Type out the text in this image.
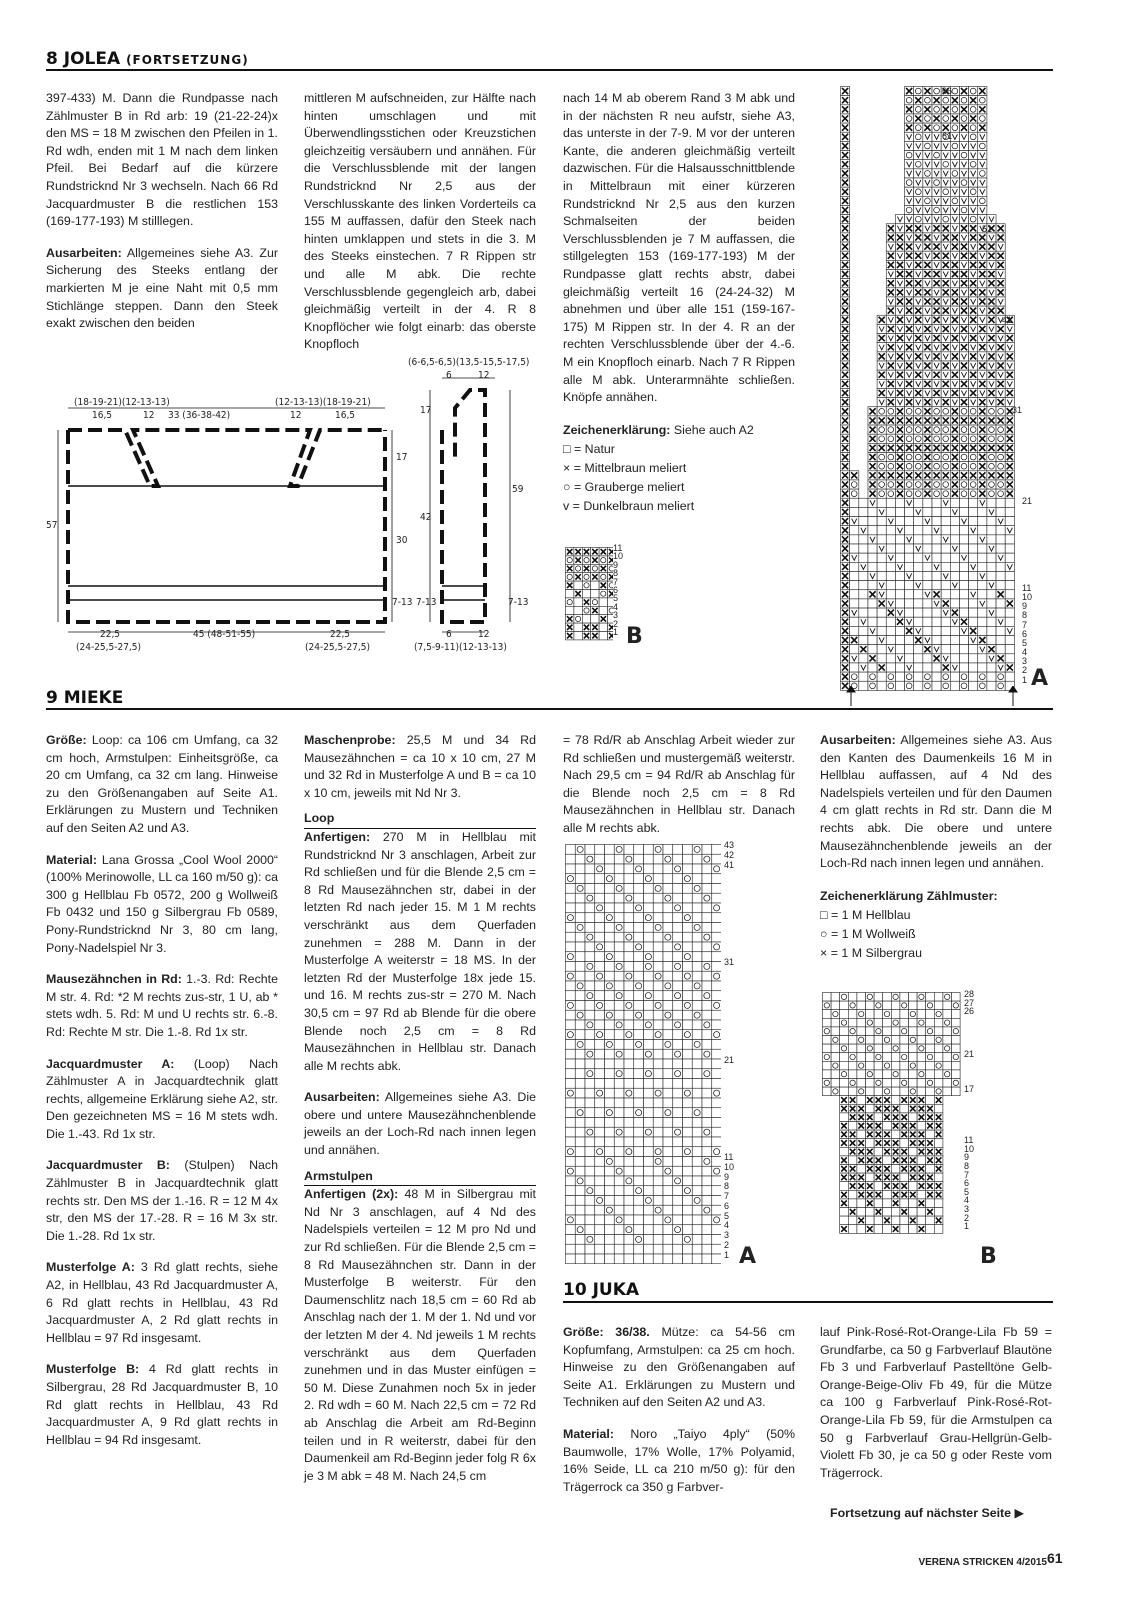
8 JOLEA (FORTSETZUNG)

397-433) M. Dann die Rundpasse nach Zählmuster B in Rd arb: 19 (21-22-24)x den MS = 18 M zwischen den Pfeilen in 1. Rd wdh, enden mit 1 M nach dem linken Pfeil. Bei Bedarf auf die kürzere Rundstricknd Nr 3 wechseln. Nach 66 Rd Jacquardmuster B die restlichen 153 (169-177-193) M stilllegen.

Ausarbeiten: Allgemeines siehe A3. Zur Sicherung des Steeks entlang der markierten M je eine Naht mit 0,5 mm Stichlänge steppen. Dann den Steek exakt zwischen den beiden

mittleren M aufschneiden, zur Hälfte nach hinten umschlagen und mit Überwendlingsstichen oder Kreuzstichen gleichzeitig versäubern und annähen. Für die Verschlussblende mit der langen Rundstricknd Nr 2,5 aus der Verschlusskante des linken Vorderteils ca 155 M auffassen, dafür den Steek nach hinten umklappen und stets in die 3. M des Steeks einstechen. 7 R Rippen str und alle M abk. Die rechte Verschlussblende gegengleich arb, dabei gleichmäßig verteilt in der 4. R 8 Knopflöcher wie folgt einarb: das oberste Knopfloch

nach 14 M ab oberem Rand 3 M abk und in der nächsten R neu aufstr, siehe A3, das unterste in der 7-9. M vor der unteren Kante, die anderen gleichmäßig verteilt dazwischen. Für die Halsausschnittblende in Mittelbraun mit einer kürzeren Rundstricknd Nr 2,5 aus den kurzen Schmalseiten der beiden Verschlussblenden je 7 M auffassen, die stillgelegten 153 (169-177-193) M der Rundpasse glatt rechts abstr, dabei gleichmäßig verteilt 16 (24-24-32) M abnehmen und über alle 151 (159-167-175) M Rippen str. In der 4. R an der rechten Verschlussblende über der 4.-6. M ein Knopfloch einarb. Nach 7 R Rippen alle M abk. Unterarmnähte schließen. Knöpfe annähen.

Zeichenerklärung: Siehe auch A2
□ = Natur
× = Mittelbraun meliert
○ = Grauberge meliert
v = Dunkelbraun meliert
(18-19-21)(12-13-13)	(12-13-13)(18-19-21)
16,5	12 33 (36-38-42)	12	16,5
57
17
30
7-13
22,5
(24-25,5-27,5)
45 (48-51-55)	22,5
(24-25,5-27,5)
(6-6,5-6,5)(13,5-15,5-17,5)
6	12
17
42
59
7-13	7-13
6	12
(7,5-9-11)(12-13-13)
11
10
9
8
7
6
5
4
3
2
1 B
A
66
61
51
41
31
21
11
10
9
8
7
6
5
4
3
2
1
9 MIEKE

Größe: Loop: ca 106 cm Umfang, ca 32 cm hoch, Armstulpen: Einheitsgröße, ca 20 cm Umfang, ca 32 cm lang. Hinweise zu den Größenangaben auf Seite A1. Erklärungen zu Mustern und Techniken auf den Seiten A2 und A3.

Material: Lana Grossa „Cool Wool 2000“ (100% Merinowolle, LL ca 160 m/50 g): ca 300 g Hellblau Fb 0572, 200 g Wollweiß Fb 0432 und 150 g Silbergrau Fb 0589, Pony-Rundstricknd Nr 3, 80 cm lang, Pony-Nadelspiel Nr 3.

Mausezähnchen in Rd: 1.-3. Rd: Rechte M str. 4. Rd: *2 M rechts zus-str, 1 U, ab * stets wdh. 5. Rd: M und U rechts str. 6.-8. Rd: Rechte M str. Die 1.-8. Rd 1x str.

Jacquardmuster A: (Loop) Nach Zählmuster A in Jacquardtechnik glatt rechts, allgemeine Erklärung siehe A2, str. Den gezeichneten MS = 16 M stets wdh. Die 1.-43. Rd 1x str.

Jacquardmuster B: (Stulpen) Nach Zählmuster B in Jacquardtechnik glatt rechts str. Den MS der 1.-16. R = 12 M 4x str, den MS der 17.-28. R = 16 M 3x str. Die 1.-28. Rd 1x str.

Musterfolge A: 3 Rd glatt rechts, siehe A2, in Hellblau, 43 Rd Jacquardmuster A, 6 Rd glatt rechts in Hellblau, 43 Rd Jacquardmuster A, 2 Rd glatt rechts in Hellblau = 97 Rd insgesamt.

Musterfolge B: 4 Rd glatt rechts in Silbergrau, 28 Rd Jacquardmuster B, 10 Rd glatt rechts in Hellblau, 43 Rd Jacquardmuster A, 9 Rd glatt rechts in Hellblau = 94 Rd insgesamt.

Maschenprobe: 25,5 M und 34 Rd Mausezähnchen = ca 10 x 10 cm, 27 M und 32 Rd in Musterfolge A und B = ca 10 x 10 cm, jeweils mit Nd Nr 3.

Loop

Anfertigen: 270 M in Hellblau mit Rundstricknd Nr 3 anschlagen, Arbeit zur Rd schließen und für die Blende 2,5 cm = 8 Rd Mausezähnchen str, dabei in der letzten Rd nach jeder 15. M 1 M rechts verschränkt aus dem Querfaden zunehmen = 288 M. Dann in der Musterfolge A weiterstr = 18 MS. In der letzten Rd der Musterfolge 18x jede 15. und 16. M rechts zus-str = 270 M. Nach 30,5 cm = 97 Rd ab Blende für die obere Blende noch 2,5 cm = 8 Rd Mausezähnchen in Hellblau str. Danach alle M rechts abk.

Ausarbeiten: Allgemeines siehe A3. Die obere und untere Mausezähnchenblende jeweils an der Loch-Rd nach innen legen und annähen.

Armstulpen

Anfertigen (2x): 48 M in Silbergrau mit Nd Nr 3 anschlagen, auf 4 Nd des Nadelspiels verteilen = 12 M pro Nd und zur Rd schließen. Für die Blende 2,5 cm = 8 Rd Mausezähnchen str. Dann in der Musterfolge B weiterstr. Für den Daumenschlitz nach 18,5 cm = 60 Rd ab Anschlag nach der 1. M der 1. Nd und vor der letzten M der 4. Nd jeweils 1 M rechts verschränkt aus dem Querfaden zunehmen und in das Muster einfügen = 50 M. Diese Zunahmen noch 5x in jeder 2. Rd wdh = 60 M. Nach 22,5 cm = 72 Rd ab Anschlag die Arbeit am Rd-Beginn teilen und in R weiterstr, dabei für den Daumenkeil am Rd-Beginn jeder folg R 6x je 3 M abk = 48 M. Nach 24,5 cm

= 78 Rd/R ab Anschlag Arbeit wieder zur Rd schließen und mustergemäß weiterstr. Nach 29,5 cm = 94 Rd/R ab Anschlag für die Blende noch 2,5 cm = 8 Rd Mausezähnchen in Hellblau str. Danach alle M rechts abk.

43
42
41
31
21
11
10
9
8
7
6
5
4
3
2
1 A

Ausarbeiten: Allgemeines siehe A3. Aus den Kanten des Daumenkeils 16 M in Hellblau auffassen, auf 4 Nd des Nadelspiels verteilen und für den Daumen 4 cm glatt rechts in Rd str. Dann die M rechts abk. Die obere und untere Mausezähnchenblende jeweils an der Loch-Rd nach innen legen und annähen.

Zeichenerklärung Zählmuster:
□ = 1 M Hellblau
○ = 1 M Wollweiß
× = 1 M Silbergrau
28
27
26
21
17
11
10
9
8
7
6
5
4
3
2
1
B
10 JUKA

Größe: 36/38. Mütze: ca 54-56 cm Kopfumfang, Armstulpen: ca 25 cm hoch. Hinweise zu den Größenangaben auf Seite A1. Erklärungen zu Mustern und Techniken auf den Seiten A2 und A3.

Material: Noro „Taiyo 4ply“ (50% Baumwolle, 17% Wolle, 17% Polyamid, 16% Seide, LL ca 210 m/50 g): für den Trägerrock ca 350 g Farbver-

lauf Pink-Rosé-Rot-Orange-Lila Fb 59 = Grundfarbe, ca 50 g Farbverlauf Blautöne Fb 3 und Farbverlauf Pastelltöne Gelb-Orange-Beige-Oliv Fb 49, für die Mütze ca 100 g Farbverlauf Pink-Rosé-Rot-Orange-Lila Fb 59, für die Armstulpen ca 50 g Farbverlauf Grau-Hellgrün-Gelb-Violett Fb 30, je ca 50 g oder Reste vom Trägerrock.

Fortsetzung auf nächster Seite ▶
VERENA STRICKEN 4/2015 61
